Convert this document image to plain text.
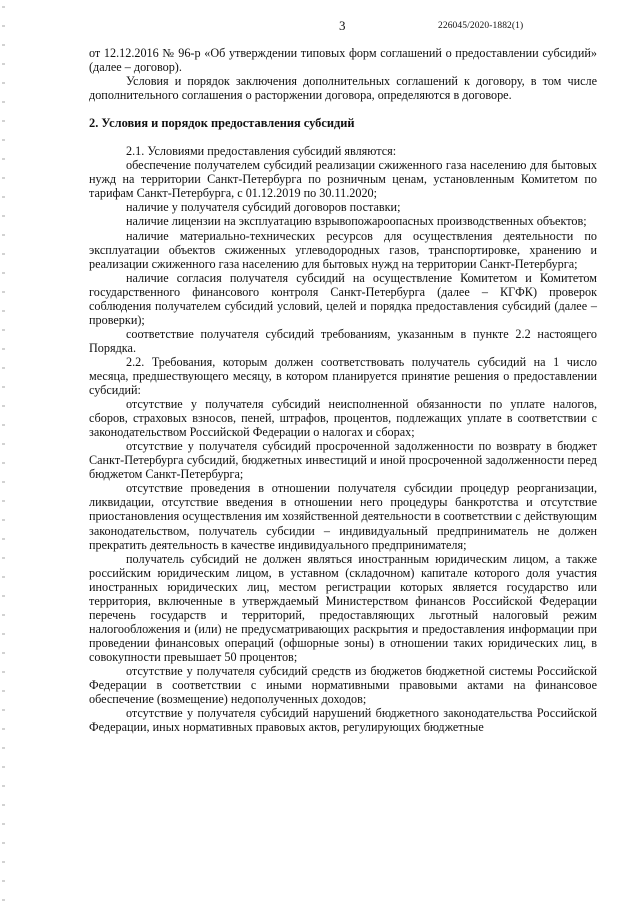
3	226045/2020-1882(1)

от 12.12.2016 № 96-р «Об утверждении типовых форм соглашений о предоставлении субсидий» (далее – договор).

Условия и порядок заключения дополнительных соглашений к договору, в том числе дополнительного соглашения о расторжении договора, определяются в договоре.

2. Условия и порядок предоставления субсидий

2.1. Условиями предоставления субсидий являются:

обеспечение получателем субсидий реализации сжиженного газа населению для бытовых нужд на территории Санкт-Петербурга по розничным ценам, установленным Комитетом по тарифам Санкт-Петербурга, с 01.12.2019 по 30.11.2020;

наличие у получателя субсидий договоров поставки;

наличие лицензии на эксплуатацию взрывопожароопасных производственных объектов;

наличие материально-технических ресурсов для осуществления деятельности по эксплуатации объектов сжиженных углеводородных газов, транспортировке, хранению и реализации сжиженного газа населению для бытовых нужд на территории Санкт-Петербурга;

наличие согласия получателя субсидий на осуществление Комитетом и Комитетом государственного финансового контроля Санкт-Петербурга (далее – КГФК) проверок соблюдения получателем субсидий условий, целей и порядка предоставления субсидий (далее – проверки);

соответствие получателя субсидий требованиям, указанным в пункте 2.2 настоящего Порядка.

2.2. Требования, которым должен соответствовать получатель субсидий на 1 число месяца, предшествующего месяцу, в котором планируется принятие решения о предоставлении субсидий:

отсутствие у получателя субсидий неисполненной обязанности по уплате налогов, сборов, страховых взносов, пеней, штрафов, процентов, подлежащих уплате в соответствии с законодательством Российской Федерации о налогах и сборах;

отсутствие у получателя субсидий просроченной задолженности по возврату в бюджет Санкт-Петербурга субсидий, бюджетных инвестиций и иной просроченной задолженности перед бюджетом Санкт-Петербурга;

отсутствие проведения в отношении получателя субсидии процедур реорганизации, ликвидации, отсутствие введения в отношении него процедуры банкротства и отсутствие приостановления осуществления им хозяйственной деятельности в соответствии с действующим законодательством, получатель субсидии – индивидуальный предприниматель не должен прекратить деятельность в качестве индивидуального предпринимателя;

получатель субсидий не должен являться иностранным юридическим лицом, а также российским юридическим лицом, в уставном (складочном) капитале которого доля участия иностранных юридических лиц, местом регистрации которых является государство или территория, включенные в утверждаемый Министерством финансов Российской Федерации перечень государств и территорий, предоставляющих льготный налоговый режим налогообложения и (или) не предусматривающих раскрытия и предоставления информации при проведении финансовых операций (офшорные зоны) в отношении таких юридических лиц, в совокупности превышает 50 процентов;

отсутствие у получателя субсидий средств из бюджетов бюджетной системы Российской Федерации в соответствии с иными нормативными правовыми актами на финансовое обеспечение (возмещение) недополученных доходов;

отсутствие у получателя субсидий нарушений бюджетного законодательства Российской Федерации, иных нормативных правовых актов, регулирующих бюджетные
